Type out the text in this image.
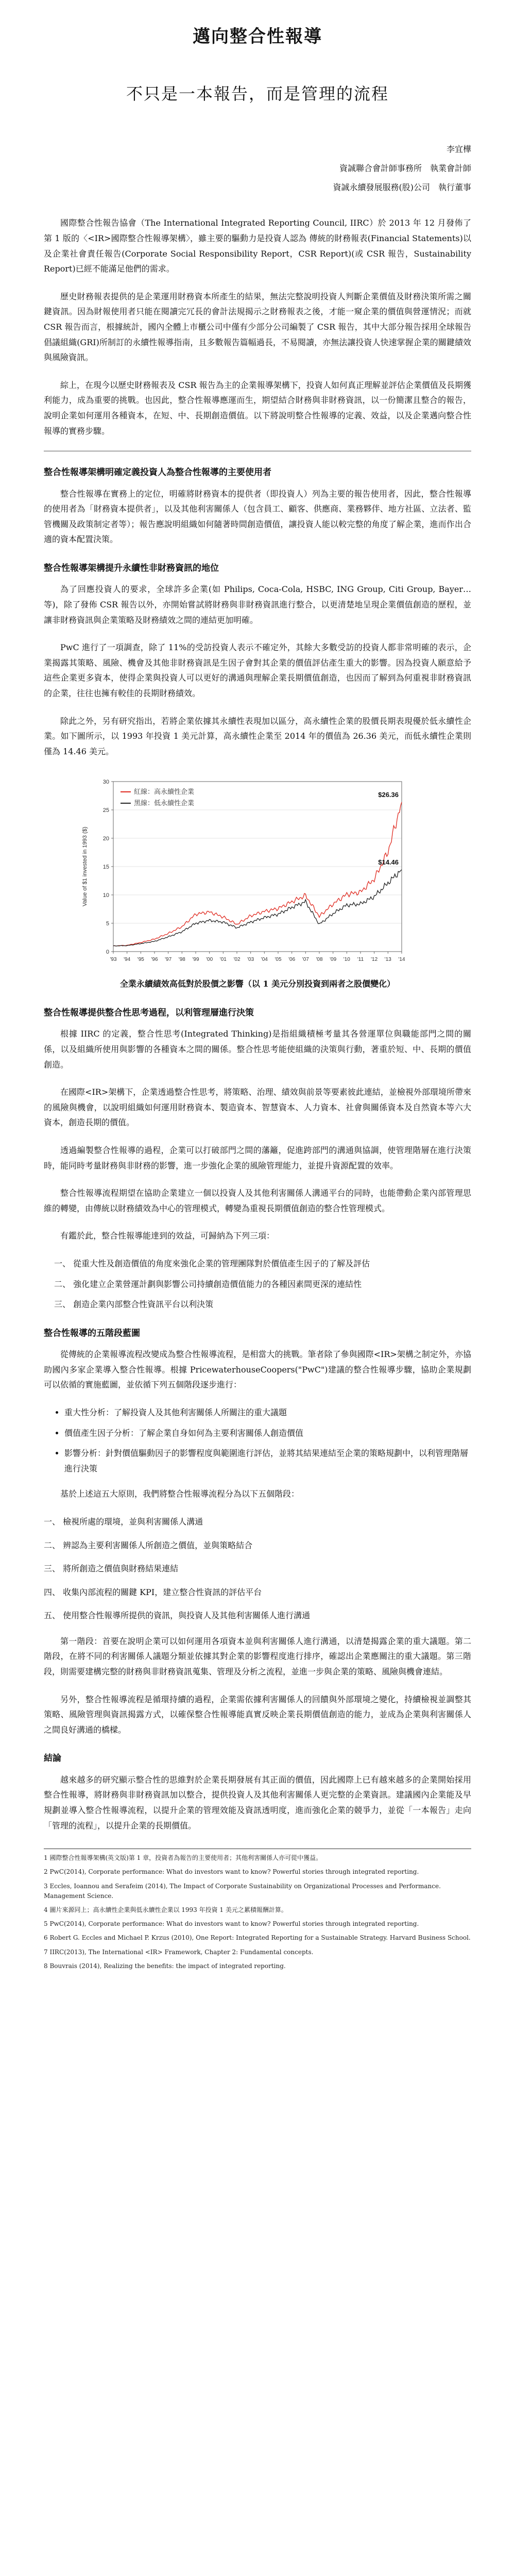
邁向整合性報導
不只是一本報告，而是管理的流程
李宜樺
資誠聯合會計師事務所　執業會計師
資誠永續發展服務(股)公司　執行董事

國際整合性報告協會（The International Integrated Reporting Council, IIRC）於 2013 年 12 月發佈了第 1 版的〈<IR>國際整合性報導架構〉，雖主要的驅動力是投資人認為 傳統的財務報表(Financial Statements)以及企業社會責任報告(Corporate Social Responsibility Report，CSR Report)(或 CSR 報告，Sustainability Report)已經不能滿足他們的需求。

歷史財務報表提供的是企業運用財務資本所產生的結果，無法完整說明投資人判斷企業價值及財務決策所需之關鍵資訊。因為財報使用者只能在閱讀完冗長的會計法規揭示之財務報表之後，才能一窺企業的價值與營運情況；而就 CSR 報告而言，根據統計，國內全體上市櫃公司中僅有少部分公司編製了 CSR 報告，其中大部分報告採用全球報告倡議組織(GRI)所制訂的永續性報導指南，且多數報告篇幅過長，不易閱讀，亦無法讓投資人快速掌握企業的關鍵績效與風險資訊。

綜上，在現今以歷史財務報表及 CSR 報告為主的企業報導架構下，投資人如何真正理解並評估企業價值及長期獲利能力，成為重要的挑戰。也因此，整合性報導應運而生，期望結合財務與非財務資訊，以一份簡潔且整合的報告，說明企業如何運用各種資本，在短、中、長期創造價值。以下將說明整合性報導的定義、效益，以及企業邁向整合性報導的實務步驟。

整合性報導架構明確定義投資人為整合性報導的主要使用者

整合性報導在實務上的定位，明確將財務資本的提供者（即投資人）列為主要的報告使用者，因此，整合性報導的使用者為「財務資本提供者」，以及其他利害關係人（包含員工、顧客、供應商、業務夥伴、地方社區、立法者、監管機關及政策制定者等）；報告應說明組織如何隨著時間創造價值，讓投資人能以較完整的角度了解企業，進而作出合適的資本配置決策。

整合性報導架構提升永續性非財務資訊的地位

為了回應投資人的要求，全球許多企業(如 Philips, Coca-Cola, HSBC, ING Group, Citi Group, Bayer…等)，除了發佈 CSR 報告以外，亦開始嘗試將財務與非財務資訊進行整合，以更清楚地呈現企業價值創造的歷程，並讓非財務資訊與企業策略及財務績效之間的連結更加明確。

PwC 進行了一項調查，除了 11%的受訪投資人表示不確定外，其餘大多數受訪的投資人都非常明確的表示，企業揭露其策略、風險、機會及其他非財務資訊是生因子會對其企業的價值評估產生重大的影響。因為投資人願意給予這些企業更多資本，使得企業與投資人可以更好的溝通與理解企業長期價值創造，也因而了解到為何重視非財務資訊的企業，往往也擁有較佳的長期財務績效。

除此之外，另有研究指出，若將企業依據其永續性表現加以區分，高永續性企業的股價長期表現優於低永續性企業。如下圖所示，以 1993 年投資 1 美元計算，高永續性企業至 2014 年的價值為 26.36 美元，而低永續性企業則僅為 14.46 美元。

0
5
10
15
20
25
30
'93 '94 '95 '96 '97 '98 '99 '00 '01 '02 '03 '04 '05 '06 '07 '08 '09 '10 '11 '12 '13 '14
Value of $1 invested in 1993 ($)
$26.36
$14.46
紅線：高永續性企業
黑線：低永續性企業
全業永續績效高低對於股價之影響（以 1 美元分別投資到兩者之股價變化）
整合性報導提供整合性思考過程，以利管理層進行決策

根據 IIRC 的定義，整合性思考(Integrated Thinking)是指組織積極考量其各營運單位與職能部門之間的關係，以及組織所使用與影響的各種資本之間的關係。整合性思考能使組織的決策與行動，著重於短、中、長期的價值創造。

在國際<IR>架構下，企業透過整合性思考，將策略、治理、績效與前景等要素彼此連結，並檢視外部環境所帶來的風險與機會，以說明組織如何運用財務資本、製造資本、智慧資本、人力資本、社會與關係資本及自然資本等六大資本，創造長期的價值。

透過編製整合性報導的過程，企業可以打破部門之間的藩籬，促進跨部門的溝通與協調，使管理階層在進行決策時，能同時考量財務與非財務的影響，進一步強化企業的風險管理能力，並提升資源配置的效率。

整合性報導流程期望在協助企業建立一個以投資人及其他利害關係人溝通平台的同時，也能帶動企業內部管理思維的轉變，由傳統以財務績效為中心的管理模式，轉變為重視長期價值創造的整合性管理模式。

有鑑於此，整合性報導能達到的效益，可歸納為下列三項：

一、 從重大性及創造價值的角度來強化企業的管理團隊對於價值產生因子的了解及評估
二、 強化建立企業營運計劃與影響公司持續創造價值能力的各種因素間更深的連結性
三、 創造企業內部整合性資訊平台以利決策
整合性報導的五階段藍圖

從傳統的企業報導流程改變成為整合性報導流程，是相當大的挑戰。筆者除了參與國際<IR>架構之制定外，亦協助國內多家企業導入整合性報導。根據 PricewaterhouseCoopers("PwC")建議的整合性報導步驟，協助企業規劃可以依循的實施藍圖，並依循下列五個階段逐步進行：

• 重大性分析：了解投資人及其他利害關係人所關注的重大議題
• 價值產生因子分析：了解企業自身如何為主要利害關係人創造價值
• 影響分析：針對價值驅動因子的影響程度與範圍進行評估，並將其結果連結至企業的策略規劃中，以利管理階層進行決策

基於上述這五大原則，我們將整合性報導流程分為以下五個階段：

一、 檢視所處的環境，並與利害關係人溝通
二、 辨認為主要利害關係人所創造之價值，並與策略結合
三、 將所創造之價值與財務結果連結
四、 收集內部流程的關鍵 KPI，建立整合性資訊的評估平台
五、 使用整合性報導所提供的資訊，與投資人及其他利害關係人進行溝通

第一階段：首要在說明企業可以如何運用各項資本並與利害關係人進行溝通，以清楚揭露企業的重大議題。第二階段，在將不同的利害關係人議題分類並依據其對企業的影響程度進行排序，確認出企業應關注的重大議題。第三階段，則需要建構完整的財務與非財務資訊蒐集、管理及分析之流程，並進一步與企業的策略、風險與機會連結。

另外，整合性報導流程是循環持續的過程，企業需依據利害關係人的回饋與外部環境之變化，持續檢視並調整其策略、風險管理與資訊揭露方式，以確保整合性報導能真實反映企業長期價值創造的能力，並成為企業與利害關係人之間良好溝通的橋樑。

結論

越來越多的研究顯示整合性的思維對於企業長期發展有其正面的價值，因此國際上已有越來越多的企業開始採用整合性報導，將財務與非財務資訊加以整合，提供投資人及其他利害關係人更完整的企業資訊。建議國內企業能及早規劃並導入整合性報導流程，以提升企業的管理效能及資訊透明度，進而強化企業的競爭力，並從「一本報告」走向「管理的流程」，以提升企業的長期價值。

1 國際整合性報導架構(英文版)第 1 章，投資者為報告的主要使用者；其他利害關係人亦可從中獲益。
2 PwC(2014), Corporate performance: What do investors want to know? Powerful stories through integrated reporting.
3 Eccles, Ioannou and Serafeim (2014), The Impact of Corporate Sustainability on Organizational Processes and Performance. Management Science.
4 圖片來源同上；高永續性企業與低永續性企業以 1993 年投資 1 美元之累積報酬計算。
5 PwC(2014), Corporate performance: What do investors want to know? Powerful stories through integrated reporting.
6 Robert G. Eccles and Michael P. Krzus (2010), One Report: Integrated Reporting for a Sustainable Strategy. Harvard Business School.
7 IIRC(2013), The International <IR> Framework, Chapter 2: Fundamental concepts.
8 Bouvrais (2014), Realizing the benefits: the impact of integrated reporting.
